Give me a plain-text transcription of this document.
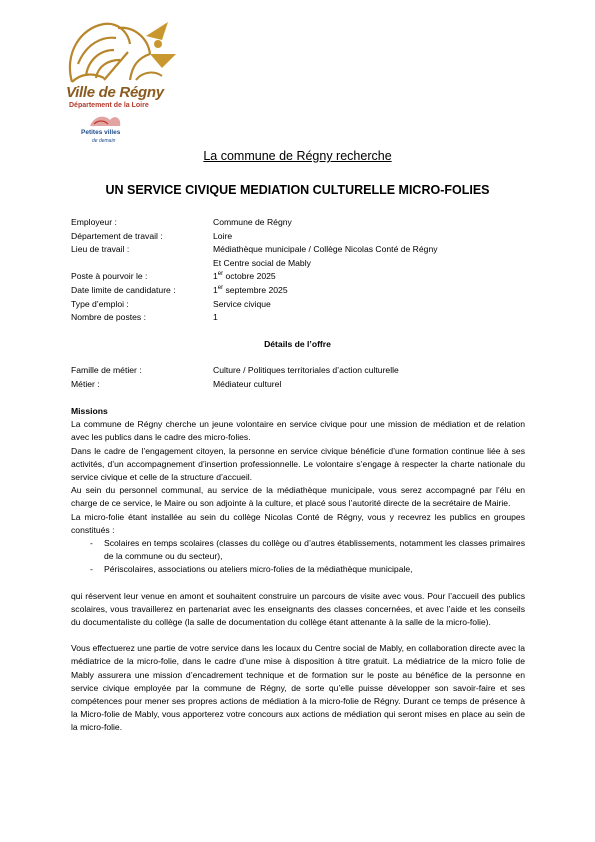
Ville de Régny
Département de la Loire
Petites villes
de demain
La commune de Régny recherche
UN SERVICE CIVIQUE MEDIATION CULTURELLE MICRO-FOLIES
Employeur :	Commune de Régny
Département de travail :	Loire
Lieu de travail :	Médiathèque municipale / Collège Nicolas Conté de Régny
Et Centre social de Mably
Poste à pourvoir le :	1er octobre 2025
Date limite de candidature :	1er septembre 2025
Type d’emploi :	Service civique
Nombre de postes :	1
Détails de l’offre
Famille de métier :	Culture / Politiques territoriales d’action culturelle
Métier :	Médiateur culturel

Missions

La commune de Régny cherche un jeune volontaire en service civique pour une mission de médiation et de relation avec les publics dans le cadre des micro-folies.

Dans le cadre de l’engagement citoyen, la personne en service civique bénéficie d’une formation continue liée à ses activités, d’un accompagnement d’insertion professionnelle. Le volontaire s’engage à respecter la charte nationale du service civique et celle de la structure d’accueil.

Au sein du personnel communal, au service de la médiathèque municipale, vous serez accompagné par l’élu en charge de ce service, le Maire ou son adjointe à la culture, et placé sous l’autorité directe de la secrétaire de Mairie.

La micro-folie étant installée au sein du collège Nicolas Conté de Régny, vous y recevrez les publics en groupes constitués :

- Scolaires en temps scolaires (classes du collège ou d’autres établissements, notamment les classes primaires de la commune ou du secteur),
- Périscolaires, associations ou ateliers micro-folies de la médiathèque municipale,

qui réservent leur venue en amont et souhaitent construire un parcours de visite avec vous. Pour l’accueil des publics scolaires, vous travaillerez en partenariat avec les enseignants des classes concernées, et avec l’aide et les conseils du documentaliste du collège (la salle de documentation du collège étant attenante à la salle de la micro-folie).

Vous effectuerez une partie de votre service dans les locaux du Centre social de Mably, en collaboration directe avec la médiatrice de la micro-folie, dans le cadre d’une mise à disposition à titre gratuit. La médiatrice de la micro folie de Mably assurera une mission d’encadrement technique et de formation sur le poste au bénéfice de la personne en service civique employée par la commune de Régny, de sorte qu’elle puisse développer son savoir-faire et ses compétences pour mener ses propres actions de médiation à la micro-folie de Régny. Durant ce temps de présence à la Micro-folie de Mably, vous apporterez votre concours aux actions de médiation qui seront mises en place au sein de la micro-folie.
